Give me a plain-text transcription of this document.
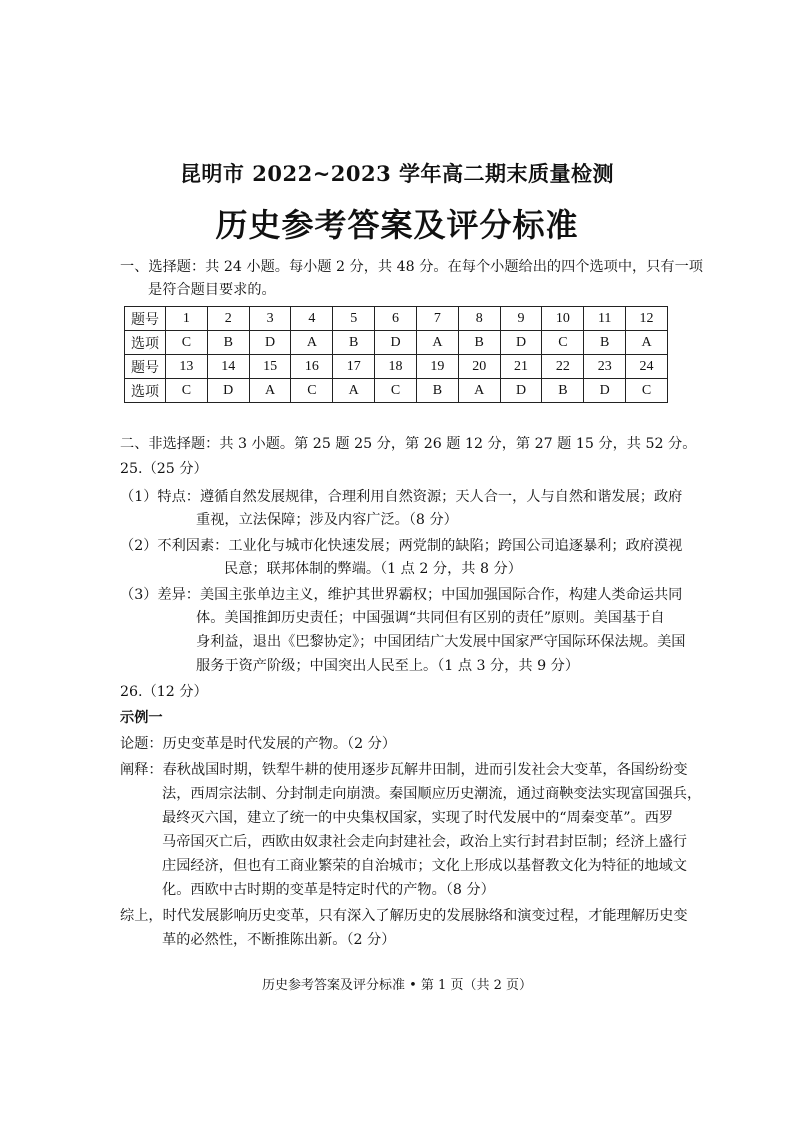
昆明市 2022~2023 学年高二期末质量检测
历史参考答案及评分标准
一、选择题：共 24 小题。每小题 2 分，共 48 分。在每个小题给出的四个选项中，只有一项
是符合题目要求的。
题号	1	2	3	4	5	6	7	8	9	10	11	12
选项	C	B	D	A	B	D	A	B	D	C	B	A
题号	13	14	15	16	17	18	19	20	21	22	23	24
选项	C	D	A	C	A	C	B	A	D	B	D	C
二、非选择题：共 3 小题。第 25 题 25 分，第 26 题 12 分，第 27 题 15 分，共 52 分。
25.（25 分）
（1）特点：遵循自然发展规律，合理利用自然资源；天人合一，人与自然和谐发展；政府
重视，立法保障；涉及内容广泛。（8 分）
（2）不利因素：工业化与城市化快速发展；两党制的缺陷；跨国公司追逐暴利；政府漠视
民意；联邦体制的弊端。（1 点 2 分，共 8 分）
（3）差异：美国主张单边主义，维护其世界霸权；中国加强国际合作，构建人类命运共同
体。美国推卸历史责任；中国强调“共同但有区别的责任”原则。美国基于自
身利益，退出《巴黎协定》；中国团结广大发展中国家严守国际环保法规。美国
服务于资产阶级；中国突出人民至上。（1 点 3 分，共 9 分）
26.（12 分）
示例一
论题：历史变革是时代发展的产物。（2 分）
阐释：春秋战国时期，铁犁牛耕的使用逐步瓦解井田制，进而引发社会大变革，各国纷纷变
法，西周宗法制、分封制走向崩溃。秦国顺应历史潮流，通过商鞅变法实现富国强兵，
最终灭六国，建立了统一的中央集权国家，实现了时代发展中的“周秦变革”。西罗
马帝国灭亡后，西欧由奴隶社会走向封建社会，政治上实行封君封臣制；经济上盛行
庄园经济，但也有工商业繁荣的自治城市；文化上形成以基督教文化为特征的地域文
化。西欧中古时期的变革是特定时代的产物。（8 分）
综上，时代发展影响历史变革，只有深入了解历史的发展脉络和演变过程，才能理解历史变
革的必然性，不断推陈出新。（2 分）
历史参考答案及评分标准 • 第 1 页（共 2 页）
